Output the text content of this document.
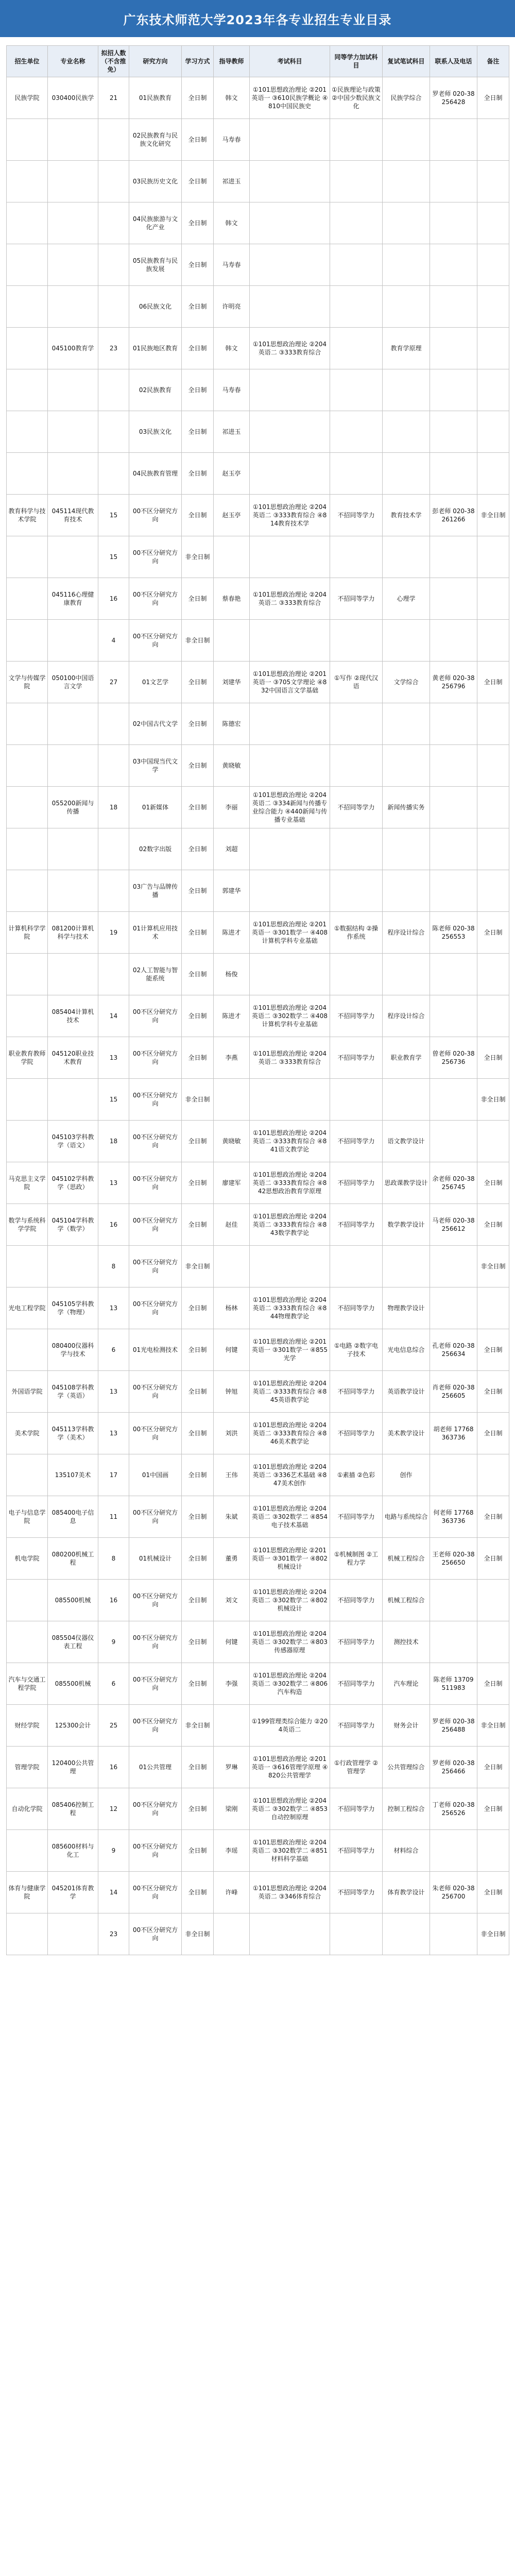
广东技术师范大学2023年各专业招生专业目录
招生单位	专业名称	拟招人数（不含推免）	研究方向	学习方式	指导教师	考试科目	同等学力加试科目	复试笔试科目	联系人及电话	备注
民族学院	030400民族学	21	01民族教育	全日制	韩文	①101思想政治理论 ②201英语一 ③610民族学概论 ④810中国民族史	①民族理论与政策 ②中国少数民族文化	民族学综合	罗老师 020-38256428	全日制
			02民族教育与民族文化研究	全日制	马寿春					
			03民族历史文化	全日制	祁进玉					
			04民族旅游与文化产业	全日制	韩文					
			05民族教育与民族发展	全日制	马寿春					
			06民族文化	全日制	许明亮					
	045100教育学	23	01民族地区教育	全日制	韩文	①101思想政治理论 ②204英语二 ③333教育综合		教育学原理		
			02民族教育	全日制	马寿春					
			03民族文化	全日制	祁进玉					
			04民族教育管理	全日制	赵玉亭					
教育科学与技术学院	045114现代教育技术	15	00不区分研究方向	全日制	赵玉亭	①101思想政治理论 ②204英语二 ③333教育综合 ④814教育技术学	不招同等学力	教育技术学	彭老师 020-38261266	非全日制
		15	00不区分研究方向	非全日制						
	045116心理健康教育	16	00不区分研究方向	全日制	蔡春艳	①101思想政治理论 ②204英语二 ③333教育综合	不招同等学力	心理学		
		4	00不区分研究方向	非全日制						
文学与传媒学院	050100中国语言文学	27	01文艺学	全日制	刘建华	①101思想政治理论 ②201英语一 ③705文学理论 ④832中国语言文学基础	①写作 ②现代汉语	文学综合	黄老师 020-38256796	全日制
			02中国古代文学	全日制	陈德宏					
			03中国现当代文学	全日制	黄晓敏					
	055200新闻与传播	18	01新媒体	全日制	李丽	①101思想政治理论 ②204英语二 ③334新闻与传播专业综合能力 ④440新闻与传播专业基础	不招同等学力	新闻传播实务		
			02数字出版	全日制	刘超					
			03广告与品牌传播	全日制	郭建华					
计算机科学学院	081200计算机科学与技术	19	01计算机应用技术	全日制	陈进才	①101思想政治理论 ②201英语一 ③301数学一 ④408计算机学科专业基础	①数据结构 ②操作系统	程序设计综合	陈老师 020-38256553	全日制
			02人工智能与智能系统	全日制	杨俊					
	085404计算机技术	14	00不区分研究方向	全日制	陈进才	①101思想政治理论 ②204英语二 ③302数学二 ④408计算机学科专业基础	不招同等学力	程序设计综合		
职业教育教师学院	045120职业技术教育	13	00不区分研究方向	全日制	李燕	①101思想政治理论 ②204英语二 ③333教育综合	不招同等学力	职业教育学	曾老师 020-38256736	全日制
		15	00不区分研究方向	非全日制						非全日制
	045103学科教学（语文）	18	00不区分研究方向	全日制	黄晓敏	①101思想政治理论 ②204英语二 ③333教育综合 ④841语文教学论	不招同等学力	语文教学设计		
马克思主义学院	045102学科教学（思政）	13	00不区分研究方向	全日制	廖建军	①101思想政治理论 ②204英语二 ③333教育综合 ④842思想政治教育学原理	不招同等学力	思政课教学设计	余老师 020-38256745	全日制
数学与系统科学学院	045104学科教学（数学）	16	00不区分研究方向	全日制	赵佳	①101思想政治理论 ②204英语二 ③333教育综合 ④843数学教学论	不招同等学力	数学教学设计	马老师 020-38256612	全日制
		8	00不区分研究方向	非全日制						非全日制
光电工程学院	045105学科教学（物理）	13	00不区分研究方向	全日制	杨林	①101思想政治理论 ②204英语二 ③333教育综合 ④844物理教学论	不招同等学力	物理教学设计		
	080400仪器科学与技术	6	01光电检测技术	全日制	何键	①101思想政治理论 ②201英语一 ③301数学一 ④855光学	①电路 ②数字电子技术	光电信息综合	孔老师 020-38256634	全日制
外国语学院	045108学科教学（英语）	13	00不区分研究方向	全日制	钟旭	①101思想政治理论 ②204英语二 ③333教育综合 ④845英语教学论	不招同等学力	英语教学设计	肖老师 020-38256605	全日制
美术学院	045113学科教学（美术）	13	00不区分研究方向	全日制	刘洪	①101思想政治理论 ②204英语二 ③333教育综合 ④846美术教学论	不招同等学力	美术教学设计	胡老师 17768363736	全日制
	135107美术	17	01中国画	全日制	王伟	①101思想政治理论 ②204英语二 ③336艺术基础 ④847美术创作	①素描 ②色彩	创作		
电子与信息学院	085400电子信息	11	00不区分研究方向	全日制	朱斌	①101思想政治理论 ②204英语二 ③302数学二 ④854电子技术基础	不招同等学力	电路与系统综合	何老师 17768363736	全日制
机电学院	080200机械工程	8	01机械设计	全日制	董勇	①101思想政治理论 ②201英语一 ③301数学一 ④802机械设计	①机械制图 ②工程力学	机械工程综合	王老师 020-38256650	全日制
	085500机械	16	00不区分研究方向	全日制	刘文	①101思想政治理论 ②204英语二 ③302数学二 ④802机械设计	不招同等学力	机械工程综合		
	085504仪器仪表工程	9	00不区分研究方向	全日制	何键	①101思想政治理论 ②204英语二 ③302数学二 ④803传感器原理	不招同等学力	测控技术		
汽车与交通工程学院	085500机械	6	00不区分研究方向	全日制	李强	①101思想政治理论 ②204英语二 ③302数学二 ④806汽车构造	不招同等学力	汽车理论	陈老师 13709511983	全日制
财经学院	125300会计	25	00不区分研究方向	非全日制		①199管理类综合能力 ②204英语二	不招同等学力	财务会计	罗老师 020-38256488	非全日制
管理学院	120400公共管理	16	01公共管理	全日制	罗琳	①101思想政治理论 ②201英语一 ③616管理学原理 ④820公共管理学	①行政管理学 ②管理学	公共管理综合	罗老师 020-38256466	全日制
自动化学院	085406控制工程	12	00不区分研究方向	全日制	梁刚	①101思想政治理论 ②204英语二 ③302数学二 ④853自动控制原理	不招同等学力	控制工程综合	丁老师 020-38256526	全日制
	085600材料与化工	9	00不区分研究方向	全日制	李瑶	①101思想政治理论 ②204英语二 ③302数学二 ④851材料科学基础	不招同等学力	材料综合		
体育与健康学院	045201体育教学	14	00不区分研究方向	全日制	许峰	①101思想政治理论 ②204英语二 ③346体育综合	不招同等学力	体育教学设计	朱老师 020-38256700	全日制
		23	00不区分研究方向	非全日制						非全日制
